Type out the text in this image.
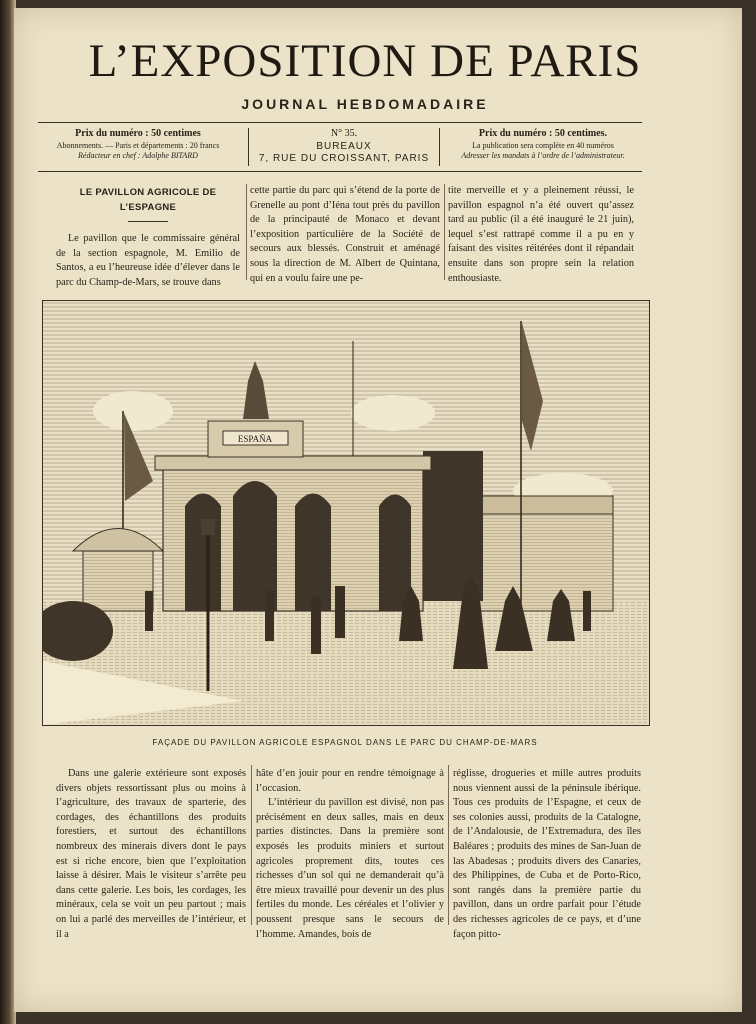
L’EXPOSITION DE PARIS
JOURNAL HEBDOMADAIRE
Prix du numéro : 50 centimes
Abonnements. — Paris et départements : 20 francs
Rédacteur en chef : Adolphe BITARD
N° 35.
BUREAUX
7, RUE DU CROISSANT, PARIS
Prix du numéro : 50 centimes.
La publication sera complète en 40 numéros
Adresser les mandats à l’ordre de l’administrateur.
LE PAVILLON AGRICOLE DE L’ESPAGNE

Le pavillon que le commissaire général de la section espagnole, M. Emilio de Santos, a eu l’heureuse idée d’élever dans le parc du Champ-de-Mars, se trouve dans

cette partie du parc qui s’étend de la porte de Grenelle au pont d’Iéna tout près du pavillon de la principauté de Monaco et devant l’exposition particulière de la Société de secours aux blessés. Construit et aménagé sous la direction de M. Albert de Quintana, qui en a voulu faire une pe-

tite merveille et y a pleinement réussi, le pavillon espagnol n’a été ouvert qu’assez tard au public (il a été inauguré le 21 juin), lequel s’est rattrapé comme il a pu en y faisant des visites réitérées dont il répandait ensuite dans son propre sein la relation enthousiaste.

ESPAÑA
FAÇADE DU PAVILLON AGRICOLE ESPAGNOL DANS LE PARC DU CHAMP-DE-MARS

Dans une galerie extérieure sont exposés divers objets ressortissant plus ou moins à l’agriculture, des travaux de sparterie, des cordages, des échantillons des produits forestiers, et surtout des échantillons nombreux des minerais divers dont le pays est si riche encore, bien que l’exploitation laisse à désirer. Mais le visiteur s’arrête peu dans cette galerie. Les bois, les cordages, les minéraux, cela se voit un peu partout ; mais on lui a parlé des merveilles de l’intérieur, et il a

hâte d’en jouir pour en rendre témoignage à l’occasion.

L’intérieur du pavillon est divisé, non pas précisément en deux salles, mais en deux parties distinctes. Dans la première sont exposés les produits miniers et surtout agricoles proprement dits, toutes ces richesses d’un sol qui ne demanderait qu’à être mieux travaillé pour devenir un des plus fertiles du monde. Les céréales et l’olivier y poussent presque sans le secours de l’homme. Amandes, bois de

réglisse, drogueries et mille autres produits nous viennent aussi de la péninsule ibérique. Tous ces produits de l’Espagne, et ceux de ses colonies aussi, produits de la Catalogne, de l’Andalousie, de l’Extremadura, des îles Baléares ; produits des mines de San-Juan de las Abadesas ; produits divers des Canaries, des Philippines, de Cuba et de Porto-Rico, sont rangés dans la première partie du pavillon, dans un ordre parfait pour l’étude des richesses agricoles de ce pays, et d’une façon pitto-
